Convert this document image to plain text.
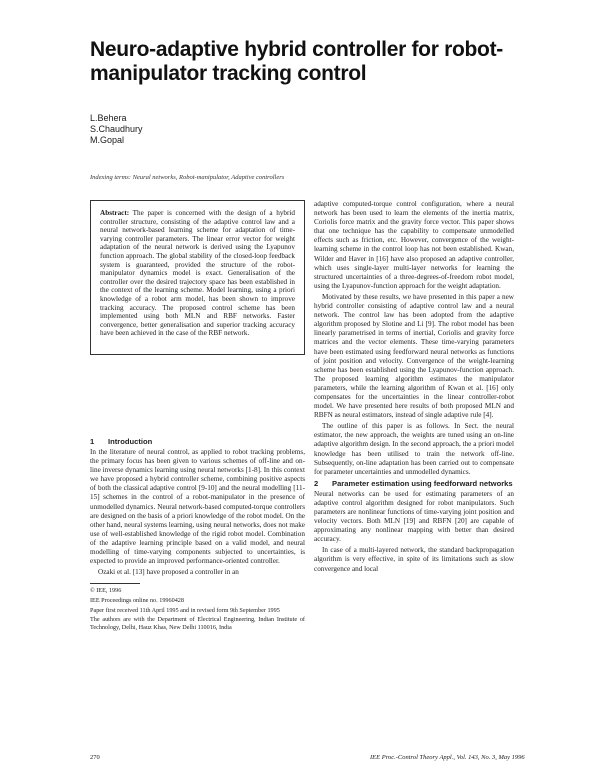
Neuro-adaptive hybrid controller for robot-manipulator tracking control
L.Behera
S.Chaudhury
M.Gopal
Indexing terms: Neural networks, Robot-manipulator, Adaptive controllers
Abstract: The paper is concerned with the design of a hybrid controller structure, consisting of the adaptive control law and a neural network-based learning scheme for adaptation of time-varying controller parameters. The linear error vector for weight adaptation of the neural network is derived using the Lyapunov function approach. The global stability of the closed-loop feedback system is guaranteed, provided the structure of the robot-manipulator dynamics model is exact. Generalisation of the controller over the desired trajectory space has been established in the context of the learning scheme. Model learning, using a priori knowledge of a robot arm model, has been shown to improve tracking accuracy. The proposed control scheme has been implemented using both MLN and RBF networks. Faster convergence, better generalisation and superior tracking accuracy have been achieved in the case of the RBF network.

1 Introduction

In the literature of neural control, as applied to robot tracking problems, the primary focus has been given to various schemes of off-line and on-line inverse dynamics learning using neural networks [1-8]. In this context we have proposed a hybrid controller scheme, combining positive aspects of both the classical adaptive control [9-10] and the neural modelling [11-15] schemes in the control of a robot-manipulator in the presence of unmodelled dynamics. Neural network-based computed-torque controllers are designed on the basis of a priori knowledge of the robot model. On the other hand, neural systems learning, using neural networks, does not make use of well-established knowledge of the rigid robot model. Combination of the adaptive learning principle based on a valid model, and neural modelling of time-varying components subjected to uncertainties, is expected to provide an improved performance-oriented controller.

Ozaki et al. [13] have proposed a controller in an

© IEE, 1996

IEE Proceedings online no. 19960428

Paper first received 11th April 1995 and in revised form 9th September 1995

The authors are with the Department of Electrical Engineering, Indian Institute of Technology, Delhi, Hauz Khas, New Delhi 110016, India

adaptive computed-torque control configuration, where a neural network has been used to learn the elements of the inertia matrix, Coriolis force matrix and the gravity force vector. This paper shows that one technique has the capability to compensate unmodelled effects such as friction, etc. However, convergence of the weight-learning scheme in the control loop has not been established. Kwan, Wilder and Haver in [16] have also proposed an adaptive controller, which uses single-layer multi-layer networks for learning the structured uncertainties of a three-degrees-of-freedom robot model, using the Lyapunov-function approach for the weight adaptation.

Motivated by these results, we have presented in this paper a new hybrid controller consisting of adaptive control law and a neural network. The control law has been adopted from the adaptive algorithm proposed by Slotine and Li [9]. The robot model has been linearly parametrised in terms of inertial, Coriolis and gravity force matrices and the vector elements. These time-varying parameters have been estimated using feedforward neural networks as functions of joint position and velocity. Convergence of the weight-learning scheme has been established using the Lyapunov-function approach. The proposed learning algorithm estimates the manipulator parameters, while the learning algorithm of Kwan et al. [16] only compensates for the uncertainties in the linear controller-robot model. We have presented here results of both proposed MLN and RBFN as neural estimators, instead of single adaptive rule [4].

The outline of this paper is as follows. In Sect. the neural estimator, the new approach, the weights are tuned using an on-line adaptive algorithm design. In the second approach, the a priori model knowledge has been utilised to train the network off-line. Subsequently, on-line adaptation has been carried out to compensate for parameter uncertainties and unmodelled dynamics.

2 Parameter estimation using feedforward networks

Neural networks can be used for estimating parameters of an adaptive control algorithm designed for robot manipulators. Such parameters are nonlinear functions of time-varying joint position and velocity vectors. Both MLN [19] and RBFN [20] are capable of approximating any nonlinear mapping with better than desired accuracy.

In case of a multi-layered network, the standard backpropagation algorithm is very effective, in spite of its limitations such as slow convergence and local

270	IEE Proc.-Control Theory Appl., Vol. 143, No. 3, May 1996
